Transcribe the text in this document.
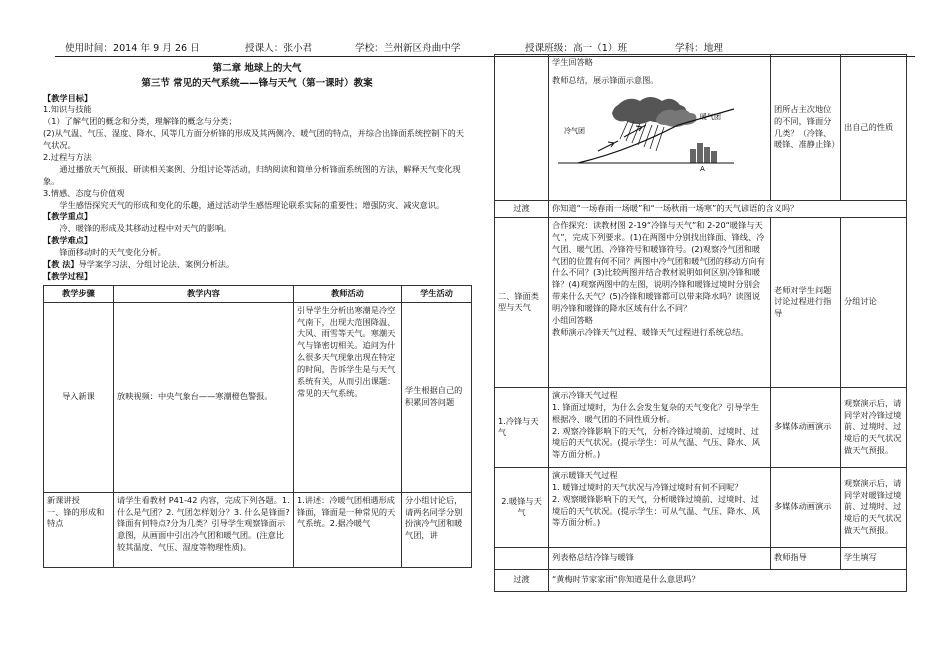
使用时间：2014 年 9 月 26 日	授课人：张小君	学校：兰州新区舟曲中学	授课班级：高一（1）班	学科：地理

第二章 地球上的大气

第三节 常见的天气系统——锋与天气（第一课时）教案

【教学目标】

1.知识与技能

（1）了解气团的概念和分类，理解锋的概念与分类；

(2)从气温、气压、湿度、降水、风等几方面分析锋的形成及其两侧冷、暖气团的特点，并综合出锋面系统控制下的天气状况。

2.过程与方法

通过播放天气预报、研读相关案例、分组讨论等活动，归纳阅读和简单分析锋面系统图的方法，解释天气变化现象。

3.情感、态度与价值观

学生感悟探究天气的形成和变化的乐趣，通过活动学生感悟理论联系实际的重要性；增强防灾、减灾意识。

【教学重点】

冷、暖锋的形成及其移动过程中对天气的影响。

【教学难点】

锋面移动时的天气变化分析。

【教 法】导学案学习法、分组讨论法、案例分析法。

【教学过程】

教学步骤	教学内容	教师活动	学生活动
导入新课	放映视频：中央气象台——寒潮橙色警报。	引导学生分析出寒潮是冷空气南下，出现大范围降温、大风、雨雪等天气。寒潮天气与锋密切相关。追问为什么很多天气现象出现在特定的时间，告诉学生是与天气系统有关，从而引出课题：常见的天气系统。	学生根据自己的积累回答问题
新课讲授
一、锋的形成和特点	请学生看教材 P41-42 内容，完成下列各题。1. 什么是气团？2. 气团怎样划分？3. 什么是锋面?锋面有何特点?分为几类？引导学生观察锋面示意图，从画面中引出冷气团和暖气团。(注意比较其温度、气压、湿度等物理性质)。	1.讲述：冷暖气团相遇形成锋面，锋面是一种常见的天气系统。2.据冷暖气	分小组讨论后，请两名同学分别扮演冷气团和暖气团，讲

	学生回答略

教师总结，展示锋面示意图。

冷气团
暖气团
A	团所占主次地位的不同，锋面分几类？（冷锋、暖锋、准静止锋）	出自己的性质
过渡	你知道“一场春雨一场暖”和“一场秋雨一场寒”的天气谚语的含义吗？		
二、锋面类型与天气	合作探究：读教材图 2-19“冷锋与天气”和 2-20“暖锋与天气”，完成下列要求。(1)在两图中分别找出锋面、锋线、冷气团、暖气团、冷锋符号和暖锋符号。(2)观察冷气团和暖气团的位置有何不同？两图中冷气团和暖气团的移动方向有什么不同？(3)比较两图并结合教材说明如何区别冷锋和暖锋？(4)观察两图中的左图，说明冷锋和暖锋过境时分别会带来什么天气？(5)冷锋和暖锋都可以带来降水吗？读图说明冷锋和暖锋的降水区域有什么不同？
小组回答略
教师演示冷锋天气过程、暖锋天气过程进行系统总结。	老师对学生问题讨论过程进行指导	分组讨论
1.冷锋与天气	演示冷锋天气过程
1. 锋面过境时，为什么会发生复杂的天气变化？引导学生根据冷、暖气团的不同性质分析。
2. 观察冷锋影响下的天气，分析冷锋过境前、过境时、过境后的天气状况。(提示学生：可从气温、气压、降水、风等方面分析。)	多媒体动画演示	观察演示后，请同学对冷锋过境前、过境时、过境后的天气状况做天气预报。
2.暖锋与天气	演示暖锋天气过程
1. 暖锋过境时的天气状况与冷锋过境时有何不同呢？
2. 观察暖锋影响下的天气，分析暖锋过境前、过境时、过境后的天气状况。(提示学生：可从气温、气压、降水、风等方面分析。)	多媒体动画演示	观察演示后，请同学对暖锋过境前、过境时、过境后的天气状况做天气预报。
	列表格总结冷锋与暖锋	教师指导	学生填写
过渡	“黄梅时节家家雨”你知道是什么意思吗？		
